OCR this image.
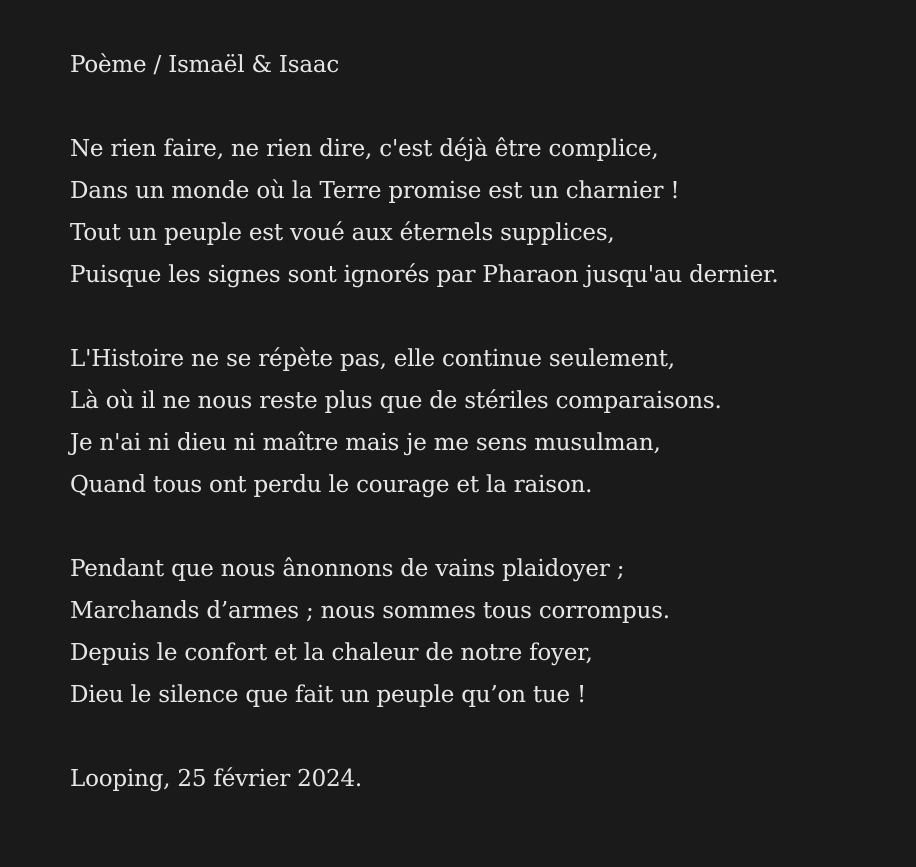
Poème / Ismaël & Isaac
Ne rien faire, ne rien dire, c'est déjà être complice,
Dans un monde où la Terre promise est un charnier !
Tout un peuple est voué aux éternels supplices,
Puisque les signes sont ignorés par Pharaon jusqu'au dernier.
L'Histoire ne se répète pas, elle continue seulement,
Là où il ne nous reste plus que de stériles comparaisons.
Je n'ai ni dieu ni maître mais je me sens musulman,
Quand tous ont perdu le courage et la raison.
Pendant que nous ânonnons de vains plaidoyer ;
Marchands d’armes ; nous sommes tous corrompus.
Depuis le confort et la chaleur de notre foyer,
Dieu le silence que fait un peuple qu’on tue !
Looping, 25 février 2024.
